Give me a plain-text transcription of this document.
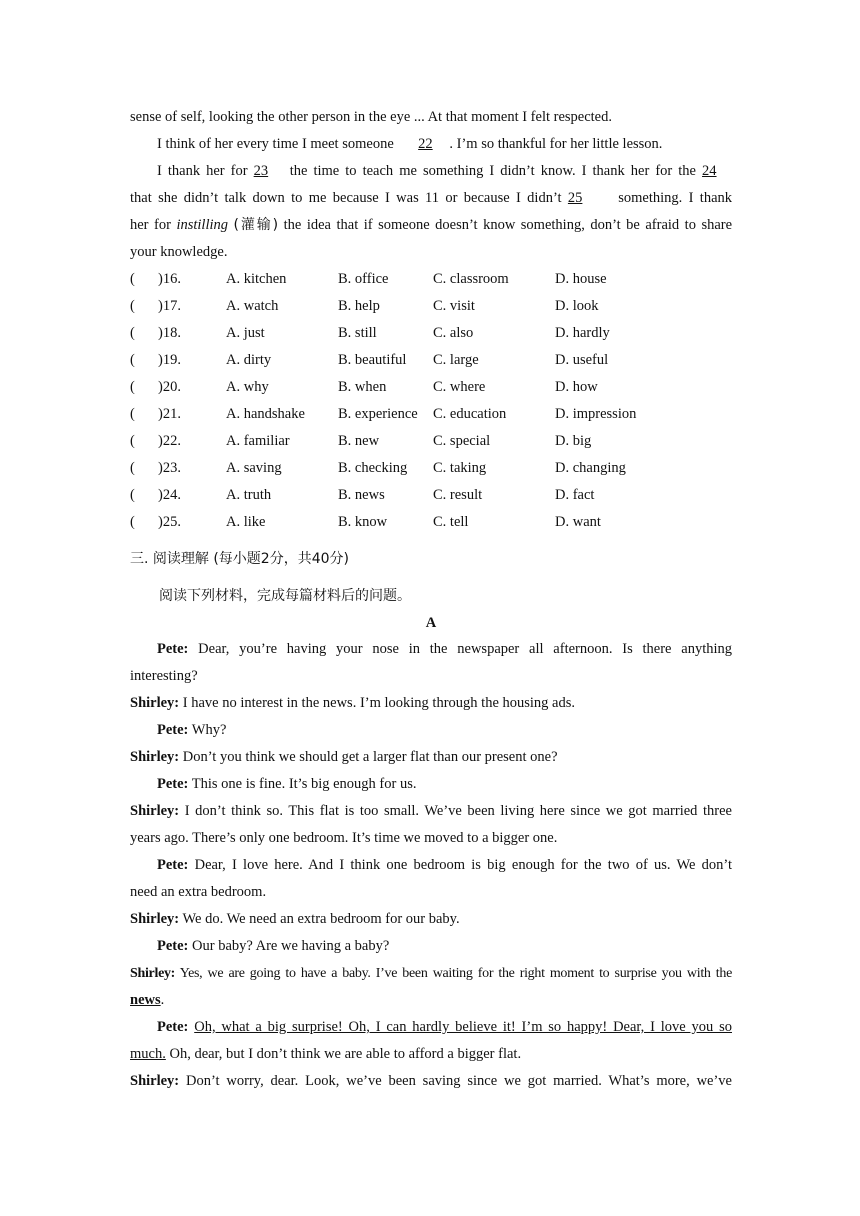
sense of self, looking the other person in the eye ... At that moment I felt respected.
I think of her every time I meet someone 22 . I’m so thankful for her little lesson.
I thank her for 23 the time to teach me something I didn’t know. I thank her for the 24
that she didn’t talk down to me because I was 11 or because I didn’t 25 something. I thank
her for instilling (灌输) the idea that if someone doesn’t know something, don’t be afraid to share
your knowledge.
( )16.	A. kitchen	B. office	C. classroom	D. house
( )17.	A. watch	B. help	C. visit	D. look
( )18.	A. just	B. still	C. also	D. hardly
( )19.	A. dirty	B. beautiful C. large	D. useful
( )20.	A. why	B. when	C. where	D. how
( )21.	A. handshake B. experience C. education	D. impression
( )22.	A. familiar	B. new	C. special	D. big
( )23.	A. saving	B. checking C. taking	D. changing
( )24.	A. truth	B. news	C. result	D. fact
( )25.	A. like	B. know	C. tell	D. want
三. 阅读理解 (每小题2分，共40分)
阅读下列材料，完成每篇材料后的问题。
A
Pete: Dear, you’re having your nose in the newspaper all afternoon. Is there anything
interesting?
Shirley: I have no interest in the news. I’m looking through the housing ads.
Pete: Why?
Shirley: Don’t you think we should get a larger flat than our present one?
Pete: This one is fine. It’s big enough for us.
Shirley: I don’t think so. This flat is too small. We’ve been living here since we got married three
years ago. There’s only one bedroom. It’s time we moved to a bigger one.
Pete: Dear, I love here. And I think one bedroom is big enough for the two of us. We don’t
need an extra bedroom.
Shirley: We do. We need an extra bedroom for our baby.
Pete: Our baby? Are we having a baby?
Shirley: Yes, we are going to have a baby. I’ve been waiting for the right moment to surprise you with the
news.
Pete: Oh, what a big surprise! Oh, I can hardly believe it! I’m so happy! Dear, I love you so
much. Oh, dear, but I don’t think we are able to afford a bigger flat.
Shirley: Don’t worry, dear. Look, we’ve been saving since we got married. What’s more, we’ve
